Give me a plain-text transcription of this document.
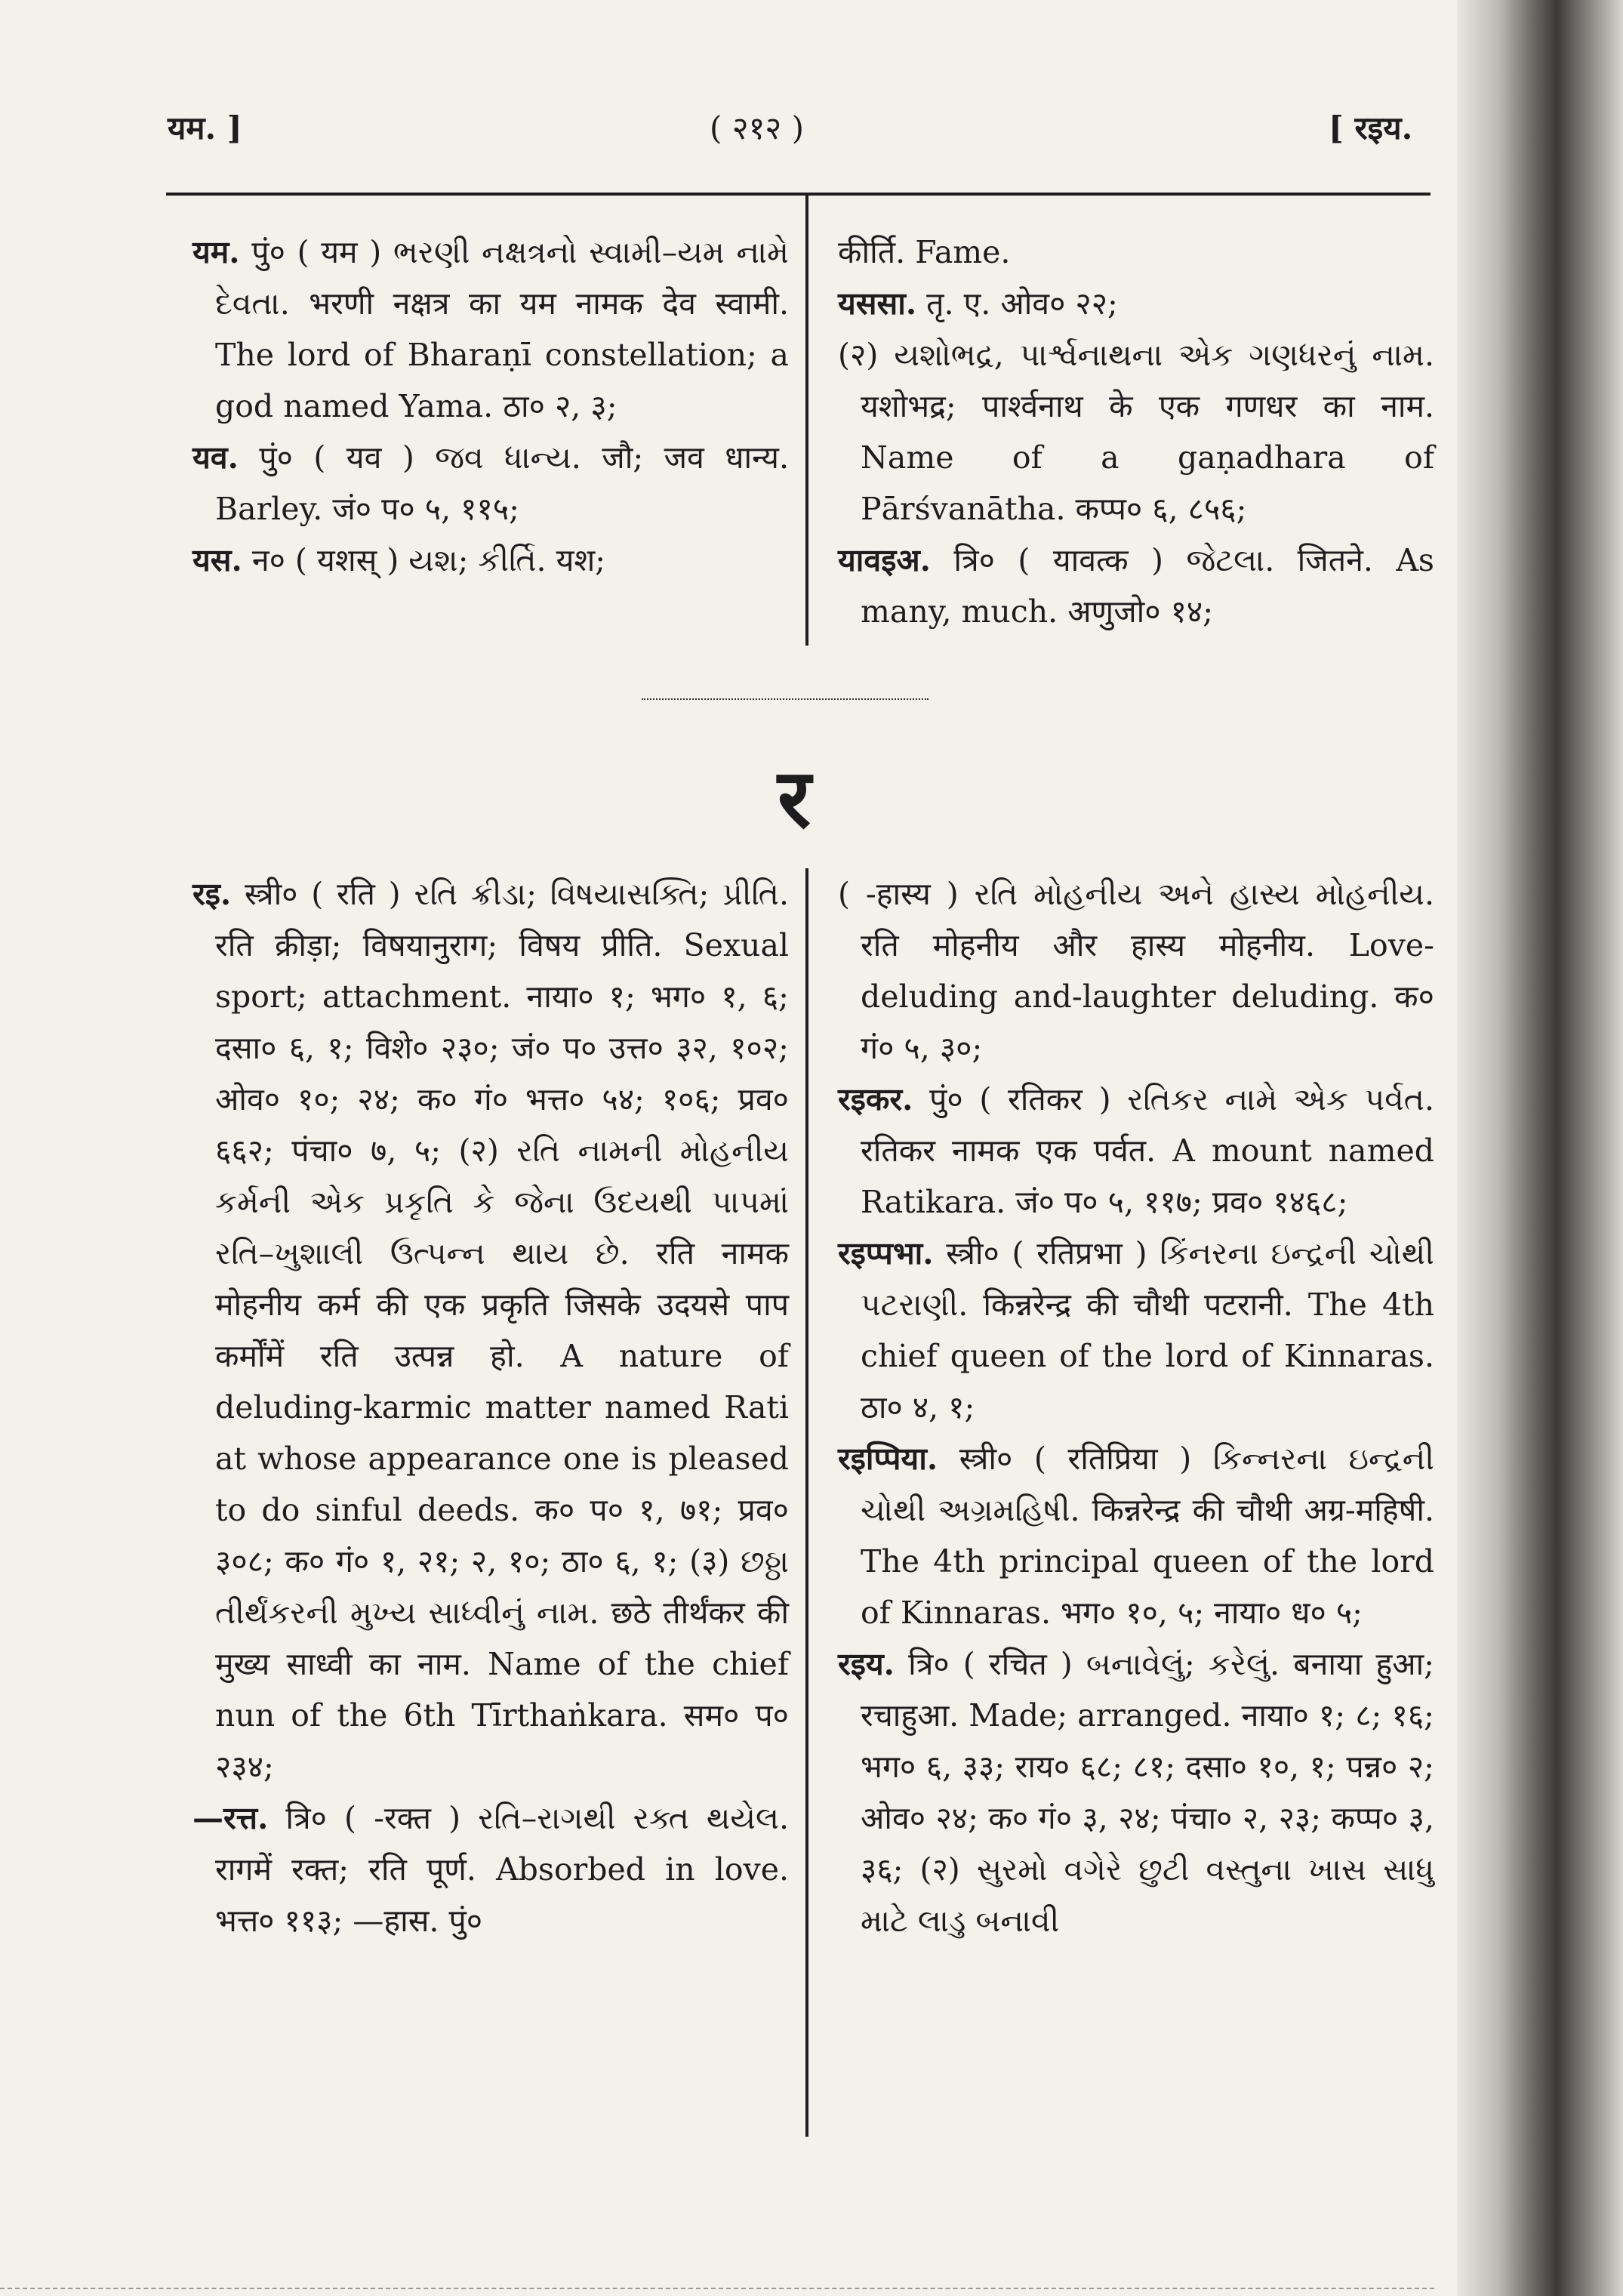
यम. ]	( २१२ )	[ रइय.
र

यम. पुं० ( यम ) ભરણી નક્ષત્રનો સ્વામી–યમ નામે દેવતા. भरणी नक्षत्र का यम नामक देव स्वामी. The lord of Bharaṇī constellation; a god named Yama. ठा० २, ३;

यव. पुं० ( यव ) જવ ધાન્ય. जौ; जव धान्य. Barley. जं० प० ५, ११५;

यस. न० ( यशस् ) યશ; કીર્તિ. यश;

कीर्ति. Fame.

यससा. तृ. ए. ओव० २२;

(२) યશોભદ્ર, પાર્શ્વનાથના એક ગણધરનું નામ. यशोभद्र; पार्श्वनाथ के एक गणधर का नाम. Name of a gaṇadhara of Pārśvanātha. कप्प० ६, ८५६;

यावइअ. त्रि० ( यावत्क ) જેટલા. जितने. As many, much. अणुजो० १४;

रइ. स्त्री० ( रति ) રતિ ક્રીડા; વિષયાસક્તિ; પ્રીતિ. रति क्रीड़ा; विषयानुराग; विषय प्रीति. Sexual sport; attachment. नाया० १; भग० १, ६; दसा० ६, १; विशे० २३०; जं० प० उत्त० ३२, १०२; ओव० १०; २४; क० गं० भत्त० ५४; १०६; प्रव० ६६२; पंचा० ७, ५; (२) રતિ નામની મોહનીય કર્મની એક પ્રકૃતિ કે જેના ઉદયથી પાપમાં રતિ–ખુશાલી ઉત્પન્ન થાય છે. रति नामक मोहनीय कर्म की एक प्रकृति जिसके उदयसे पाप कर्मोंमें रति उत्पन्न हो. A nature of deluding-karmic matter named Rati at whose appearance one is pleased to do sinful deeds. क० प० १, ७१; प्रव० ३०८; क० गं० १, २१; २, १०; ठा० ६, १; (३) છઠ્ઠા તીર્થંકરની મુખ્ય સાધ્વીનું નામ. छठे तीर्थंकर की मुख्य साध्वी का नाम. Name of the chief nun of the 6th Tīrthaṅkara. सम० प० २३४;

—रत्त. त्रि० ( -रक्त ) રતિ–રાગથી રક્ત થયેલ. रागमें रक्त; रति पूर्ण. Absorbed in love. भत्त० ११३; —हास. पुं०

( -हास्य ) રતિ મોહનીય અને હાસ્ય મોહનીય. रति मोहनीय और हास्य मोहनीय. Love-deluding and-laughter deluding. क० गं० ५, ३०;

रइकर. पुं० ( रतिकर ) રતિકર નામે એક પર્વત. रतिकर नामक एक पर्वत. A mount named Ratikara. जं० प० ५, ११७; प्रव० १४६८;

रइप्पभा. स्त्री० ( रतिप्रभा ) કિંનરના ઇન્દ્રની ચોથી પટરાણી. किन्नरेन्द्र की चौथी पटरानी. The 4th chief queen of the lord of Kinnaras. ठा० ४, १;

रइप्पिया. स्त्री० ( रतिप्रिया ) કિન્નરના ઇન્દ્રની ચોથી અગ્રમહિષી. किन्नरेन्द्र की चौथी अग्र-महिषी. The 4th principal queen of the lord of Kinnaras. भग० १०, ५; नाया० ध० ५;

रइय. त्रि० ( रचित ) બનાવેલું; કરેલું. बनाया हुआ; रचाहुआ. Made; arranged. नाया० १; ८; १६; भग० ६, ३३; राय० ६८; ८१; दसा० १०, १; पन्न० २; ओव० २४; क० गं० ३, २४; पंचा० २, २३; कप्प० ३, ३६; (२) સુરમો વગેરે છુટી વસ્તુના ખાસ સાધુ માટે લાડુ બનાવી
